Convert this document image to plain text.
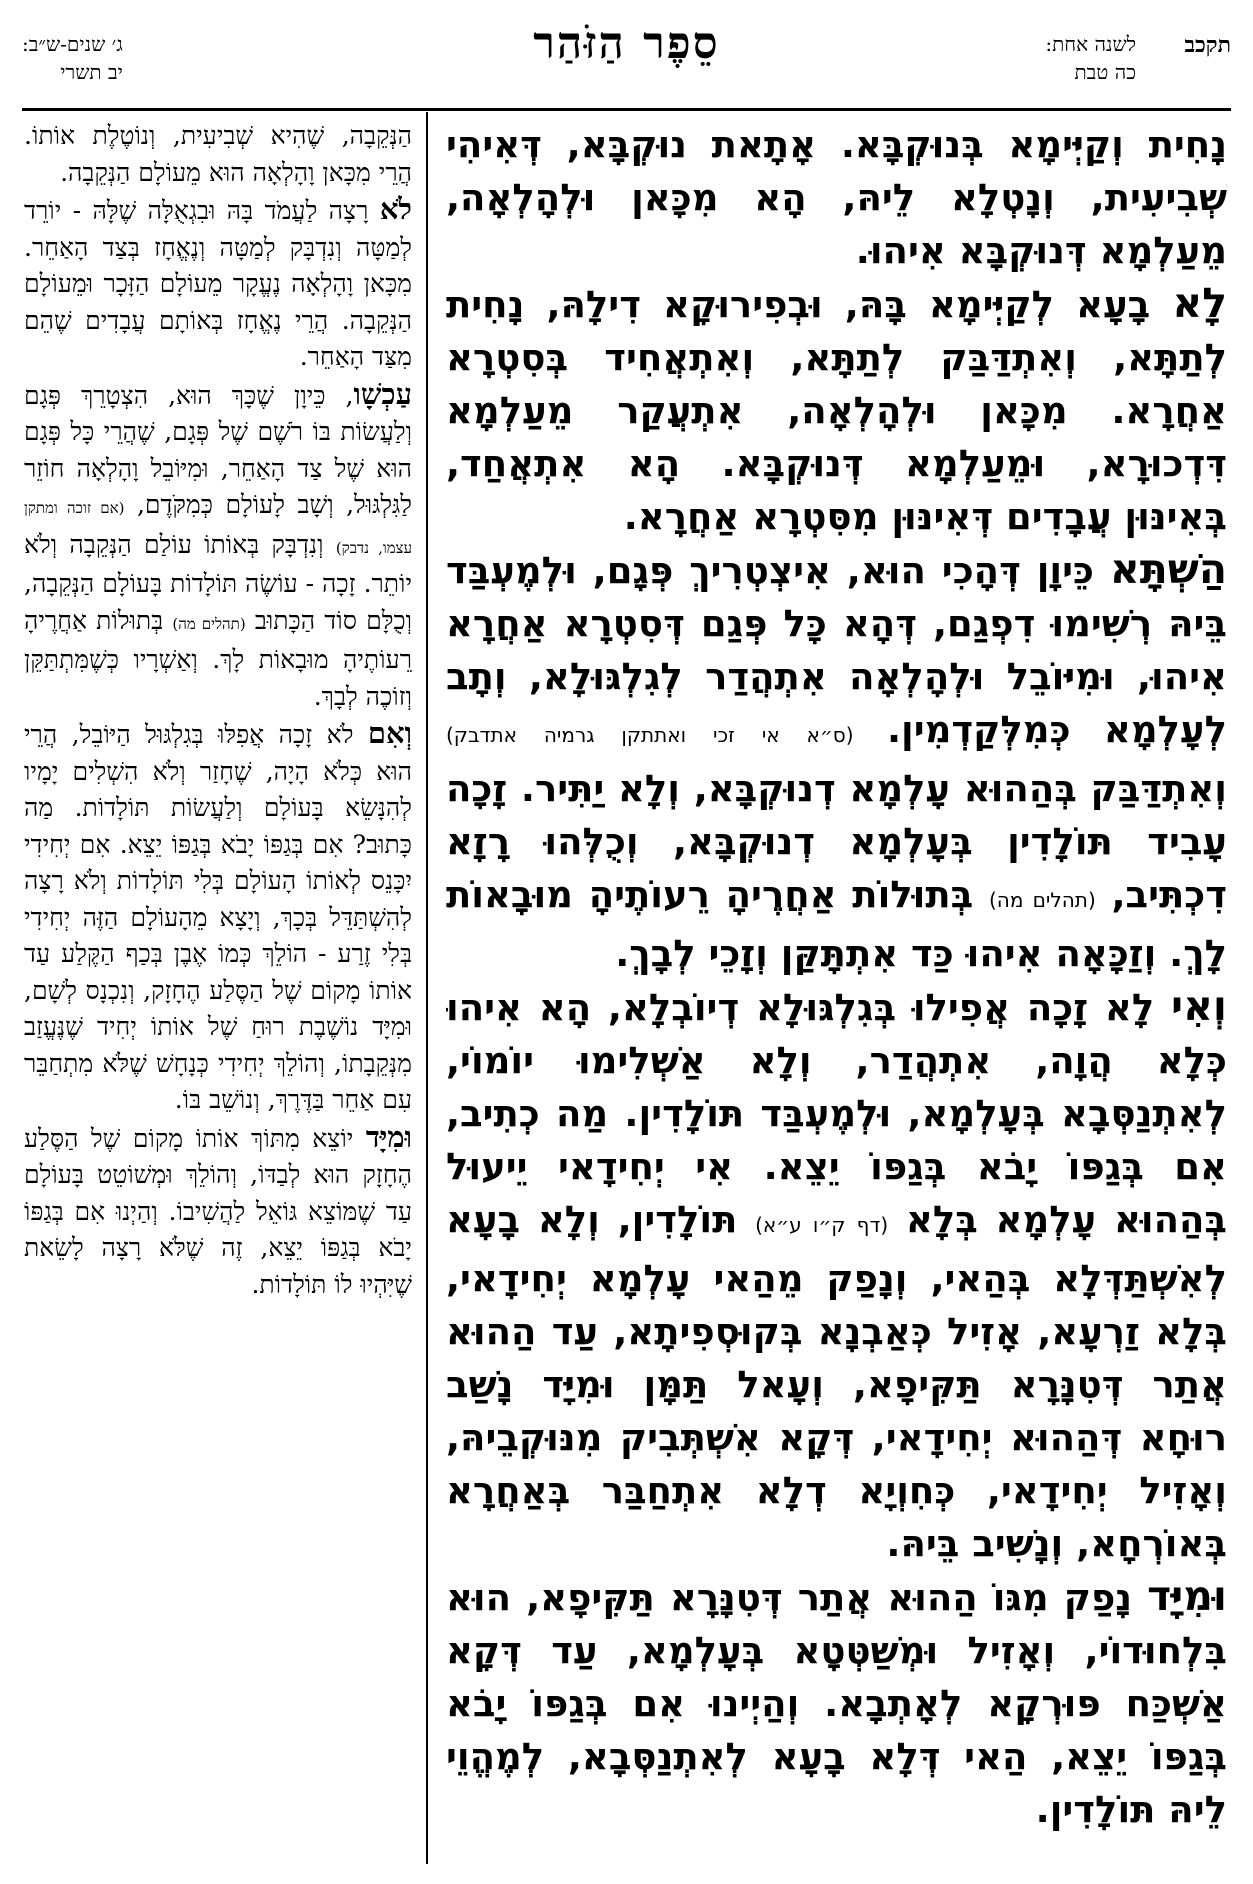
תקכב
לשנה אחת:
כה טבת
סֵפֶר הַזֹּהַר
ג׳ שנים-ש״ב:
יב תשרי

נָחִית וְקַיְּימָא בְּנוּקְבָּא. אָתָאת נוּקְבָּא, דְּאִיהִי שְׁבִיעִית, וְנָטְלָא לֵיהּ, הָא מִכָּאן וּלְהָלְאָה, מֵעַלְמָא דְּנוּקְבָּא אִיהוּ.

לָא בָעָא לְקַיְּימָא בָּהּ, וּבְפִירוּקָא דִילָהּ, נָחִית לְתַתָּא, וְאִתְדַּבַּק לְתַתָּא, וְאִתְאֲחִיד בְּסִטְרָא אַחֲרָא. מִכָּאן וּלְהָלְאָה, אִתְעֲקַר מֵעַלְמָא דִּדְכוּרָא, וּמֵעַלְמָא דְּנוּקְבָּא. הָא אִתְאֲחַד, בְּאִינּוּן עֲבָדִים דְּאִינּוּן מִסִּטְרָא אַחֲרָא.

הַשְׁתָּא כֵּיוָן דְּהָכִי הוּא, אִיצְטְרִיךְ פְּגָם, וּלְמֶעְבַּד בֵּיהּ רְשִׁימוּ דִפְגַם, דְּהָא כָּל פְּגַם דְּסִטְרָא אַחֲרָא אִיהוּ, וּמִיּוֹבֵל וּלְהָלְאָה אִתְהֲדַר לְגִלְגּוּלָא, וְתָב לְעָלְמָא כְּמִלְּקַדְמִין. (ס״א אי זכי ואתתקן גרמיה אתדבק) וְאִתְדַּבַּק בְּהַהוּא עָלְמָא דְנוּקְבָּא, וְלָא יַתִּיר. זָכָה עָבִיד תּוֹלָדִין בְּעָלְמָא דְנוּקְבָּא, וְכֻלְּהוּ רָזָא דִכְתִּיב, (תהלים מה) בְּתוּלוֹת אַחֲרֶיהָ רֵעוֹתֶיהָ מוּבָאוֹת לָךְ. וְזַכָּאָה אִיהוּ כַּד אִתְתָּקַּן וְזָכֵי לְבָךְ.

וְאִי לָא זָכָה אֲפִילוּ בְּגִלְגּוּלָא דְיוֹבְלָא, הָא אִיהוּ כְּלָא הֲוָה, אִתְהֲדַר, וְלָא אַשְׁלִימוּ יוֹמוֹי, לְאִתְנַסְּבָא בְּעָלְמָא, וּלְמֶעְבַּד תּוֹלָדִין. מַה כְתִיב, אִם בְּגַפּוֹ יָבֹא בְּגַפּוֹ יֵצֵא. אִי יְחִידָאי יֵיעוּל בְּהַהוּא עָלְמָא בְּלָא (דף ק״ו ע״א) תּוֹלָדִין, וְלָא בָעָא לְאִשְׁתַּדְּלָא בְּהַאי, וְנָפַק מֵהַאי עָלְמָא יְחִידָאי, בְּלָא זַרְעָא, אָזִיל כְּאַבְנָא בְּקוּסְפִיתָא, עַד הַהוּא אֲתַר דְּטִנָּרָא תַּקִּיפָא, וְעָאל תַּמָּן וּמִיָּד נָשַׁב רוּחָא דְּהַהוּא יְחִידָאי, דְּקָא אִשְׁתְּבִיק מִנּוּקְבֵיהּ, וְאָזִיל יְחִידָאי, כְּחִוְיָא דְלָא אִתְחַבַּר בְּאַחֲרָא בְּאוֹרְחָא, וְנָשִׁיב בֵּיהּ.

וּמִיָּד נָפַק מִגּוֹ הַהוּא אֲתַר דְּטִנָּרָא תַּקִּיפָא, הוּא בִּלְחוּדוֹי, וְאָזִיל וּמְשַׁטְּטָא בְּעָלְמָא, עַד דְּקָא אַשְׁכַּח פּוּרְקָא לְאָתְבָא. וְהַיְינוּ אִם בְּגַפּוֹ יָבֹא בְּגַפּוֹ יֵצֵא, הַאי דְּלָא בָעָא לְאִתְנַסְּבָא, לְמֶהֱוֵי לֵיהּ תּוֹלָדִין.

הַנְּקֵבָה, שֶׁהִיא שְׁבִיעִית, וְנוֹטֶלֶת אוֹתוֹ. הֲרֵי מִכָּאן וָהָלְאָה הוּא מֵעוֹלָם הַנְּקֵבָה.

לֹא רָצָה לַעֲמֹד בָּהּ וּבִגְאֻלָּה שֶׁלָּהּ - יוֹרֵד לְמַטָּה וְנִדְבָּק לְמַטָּה וְנֶאֱחָז בְּצַד הָאַחֵר. מִכָּאן וָהָלְאָה נֶעֱקָר מֵעוֹלָם הַזָּכָר וּמֵעוֹלָם הַנְּקֵבָה. הֲרֵי נֶאֱחָז בְּאוֹתָם עֲבָדִים שֶׁהֵם מִצַּד הָאַחֵר.

עַכְשָׁו, כֵּיוָן שֶׁכָּךְ הוּא, הִצְטָרֵךְ פְּגָם וְלַעֲשׂוֹת בּוֹ רֹשֶׁם שֶׁל פְּגָם, שֶׁהֲרֵי כָּל פְּגָם הוּא שֶׁל צַד הָאַחֵר, וּמִיּוֹבֵל וָהָלְאָה חוֹזֵר לַגִּלְגּוּל, וְשָׁב לָעוֹלָם כְּמִקֹּדֶם, (אם זוכה ומתקן עצמו, נדבק) וְנִדְבָּק בְּאוֹתוֹ עוֹלַם הַנְּקֵבָה וְלֹא יוֹתֵר. זָכָה - עוֹשֶׂה תּוֹלָדוֹת בָּעוֹלָם הַנְּקֵבָה, וְכֻלָּם סוֹד הַכָּתוּב (תהלים מה) בְּתוּלוֹת אַחֲרֶיהָ רֵעוֹתֶיהָ מוּבָאוֹת לָךְ. וְאַשְׁרָיו כְּשֶׁמִּתְתַּקֵּן וְזוֹכֶה לְבָךְ.

וְאִם לֹא זָכָה אֲפִלּוּ בְּגִלְגּוּל הַיּוֹבֵל, הֲרֵי הוּא כְּלֹא הָיָה, שֶׁחָזַר וְלֹא הִשְׁלִים יָמָיו לְהִנָּשֵׂא בָּעוֹלָם וְלַעֲשׂוֹת תּוֹלָדוֹת. מַה כָּתוּב? אִם בְּגַפּוֹ יָבֹא בְּגַפּוֹ יֵצֵא. אִם יְחִידִי יִכָּנֵס לְאוֹתוֹ הָעוֹלָם בְּלִי תּוֹלָדוֹת וְלֹא רָצָה לְהִשְׁתַּדֵּל בְּכָךְ, וְיָצָא מֵהָעוֹלָם הַזֶּה יְחִידִי בְּלִי זֶרַע - הוֹלֵךְ כְּמוֹ אֶבֶן בְּכַף הַקֶּלַע עַד אוֹתוֹ מָקוֹם שֶׁל הַסֶּלַע הֶחָזָק, וְנִכְנָס לְשָׁם, וּמִיָּד נוֹשֶׁבֶת רוּחַ שֶׁל אוֹתוֹ יְחִיד שֶׁנֶּעֱזַב מִנְּקֵבָתוֹ, וְהוֹלֵךְ יְחִידִי כְּנָחָשׁ שֶׁלֹּא מִתְחַבֵּר עִם אַחֵר בַּדֶּרֶךְ, וְנוֹשֵׁב בּוֹ.

וּמִיָּד יוֹצֵא מִתּוֹךְ אוֹתוֹ מָקוֹם שֶׁל הַסֶּלַע הֶחָזָק הוּא לְבַדּוֹ, וְהוֹלֵךְ וּמְשׁוֹטֵט בָּעוֹלָם עַד שֶׁמּוֹצֵא גּוֹאֵל לַהֲשִׁיבוֹ. וְהַיְנוּ אִם בְּגַפּוֹ יָבֹא בְּגַפּוֹ יֵצֵא, זֶה שֶׁלֹּא רָצָה לָשֵׂאת שֶׁיִּהְיוּ לוֹ תּוֹלָדוֹת.
